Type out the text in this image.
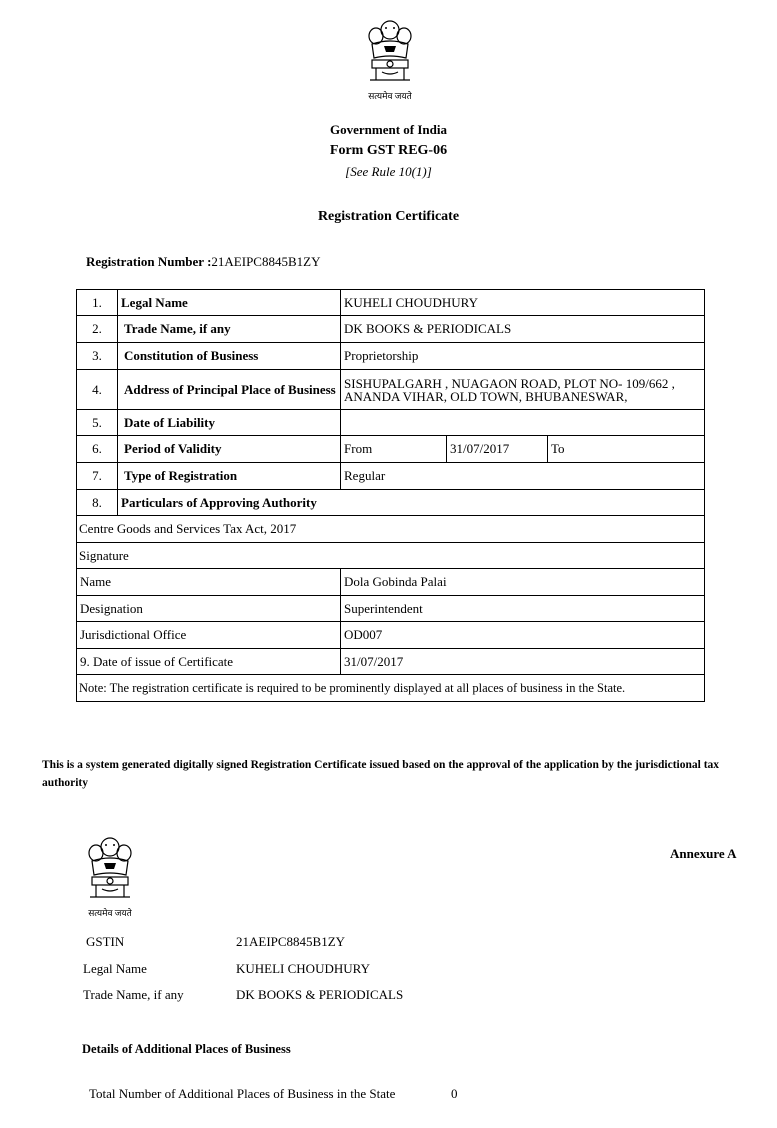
सत्यमेव जयते
Government of India
Form GST REG-06
[See Rule 10(1)]
Registration Certificate
Registration Number :21AEIPC8845B1ZY
1.	Legal Name	KUHELI CHOUDHURY			
2.	Trade Name, if any	DK BOOKS & PERIODICALS			
3.	Constitution of Business	Proprietorship			
4.	Address of Principal Place of Business	SISHUPALGARH , NUAGAON ROAD, PLOT NO- 109/662 ,
ANANDA VIHAR, OLD TOWN, BHUBANESWAR,			

5.	Date of Liability				
6.	Period of Validity	From	31/07/2017	To	
7.	Type of Registration	Regular			
8.	Particulars of Approving Authority				
Centre Goods and Services Tax Act, 2017					
Signature					
Name		Dola Gobinda Palai			
Designation		Superintendent			
Jurisdictional Office		OD007			
9. Date of issue of Certificate		31/07/2017			
Note: The registration certificate is required to be prominently displayed at all places of business in the State.					
This is a system generated digitally signed Registration Certificate issued based on the approval of the application by the jurisdictional tax authority
सत्यमेव जयते
Annexure A
GSTIN	21AEIPC8845B1ZY
Legal Name	KUHELI CHOUDHURY
Trade Name, if any	DK BOOKS & PERIODICALS
Details of Additional Places of Business
Total Number of Additional Places of Business in the State	0
